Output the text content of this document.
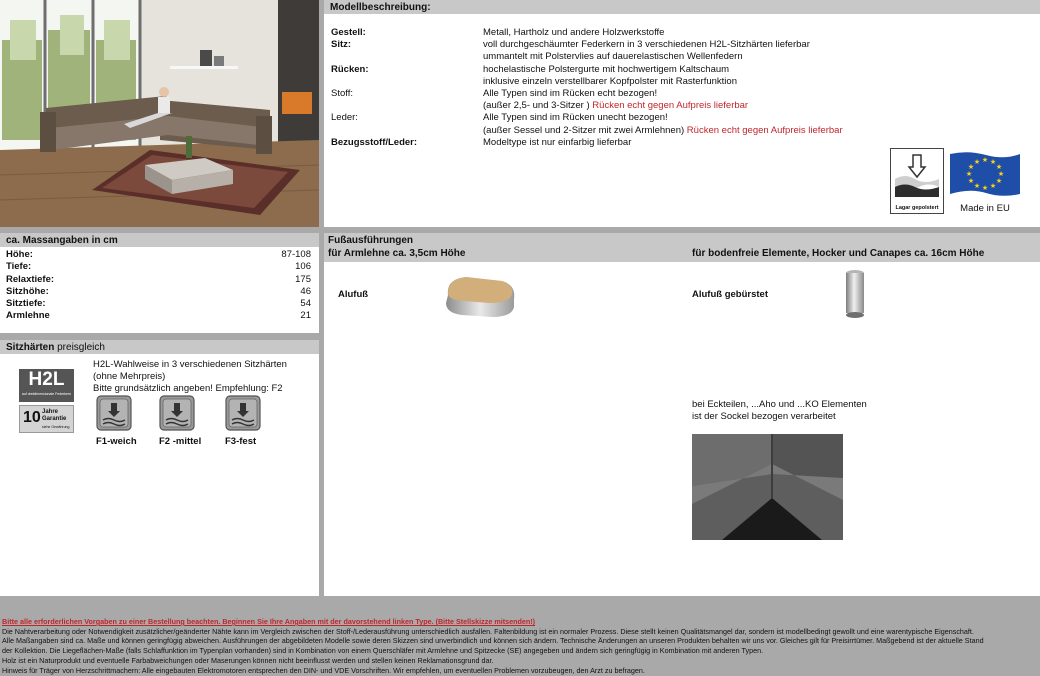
Modellbeschreibung:
Gestell:	Metall, Hartholz und andere Holzwerkstoffe
Sitz:	voll durchgeschäumter Federkern in 3 verschiedenen H2L-Sitzhärten lieferbar
ummantelt mit Polstervlies auf dauerelastischen Wellenfedern
Rücken:	hochelastische Polstergurte mit hochwertigem Kaltschaum
inklusive einzeln verstellbarer Kopfpolster mit Rasterfunktion
Stoff:	Alle Typen sind im Rücken echt bezogen!
(außer 2,5- und 3-Sitzer ) Rücken echt gegen Aufpreis lieferbar
Leder:	Alle Typen sind im Rücken unecht bezogen!
(außer Sessel und 2-Sitzer mit zwei Armlehnen) Rücken echt gegen Aufpreis lieferbar
Bezugsstoff/Leder:	Modeltype ist nur einfarbig lieferbar
Lagar gepolstert
★ ★
★
★
★
★
★
★
★
★
★
★
Made in EU
ca. Massangaben in cm
Höhe:	87-108
Tiefe:	106
Relaxtiefe:	175
Sitzhöhe:	46
Sitztiefe:	54
Armlehne	21
Sitzhärten preisgleich
H2L
auf dreidimensionale Federkern
10 Jahre
Garantie
siehe Gewährung
H2L-Wahlweise in 3 verschiedenen Sitzhärten
(ohne Mehrpreis)
Bitte grundsätzlich angeben! Empfehlung: F2
F1-weich F2 -mittel	F3-fest
Fußausführungen
für Armlehne ca. 3,5cm Höhe	für bodenfreie Elemente, Hocker und Canapes ca. 16cm Höhe
Alufuß	Alufuß gebürstet
bei Eckteilen, ...Aho und ...KO Elementen
ist der Sockel bezogen verarbeitet
Bitte alle erforderlichen Vorgaben zu einer Bestellung beachten. Beginnen Sie Ihre Angaben mit der davorstehend linken Type. (Bitte Stellskizze mitsenden!)
Die Nahtverarbeitung oder Notwendigkeit zusätzlicher/geänderter Nähte kann im Vergleich zwischen der Stoff-/Lederausführung unterschiedlich ausfallen. Faltenbildung ist ein normaler Prozess. Diese stellt keinen Qualitätsmangel dar, sondern ist modellbedingt gewollt und eine warentypische Eigenschaft.
Alle Maßangaben sind ca. Maße und können geringfügig abweichen. Ausführungen der abgebildeten Modelle sowie deren Skizzen sind unverbindlich und können sich ändern. Technische Änderungen an unseren Produkten behalten wir uns vor. Gleiches gilt für Preisirrtümer. Maßgebend ist der aktuelle Stand
der Kollektion. Die Liegeflächen-Maße (falls Schlaffunktion im Typenplan vorhanden) sind in Kombination von einem Querschläfer mit Armlehne und Spitzecke (SE) angegeben und ändern sich geringfügig in Kombination mit anderen Typen.
Holz ist ein Naturprodukt und eventuelle Farbabweichungen oder Maserungen können nicht beeinflusst werden und stellen keinen Reklamationsgrund dar.
Hinweis für Träger von Herzschrittmachern: Alle eingebauten Elektromotoren entsprechen den DIN- und VDE Vorschriften. Wir empfehlen, um eventuellen Problemen vorzubeugen, den Arzt zu befragen.
